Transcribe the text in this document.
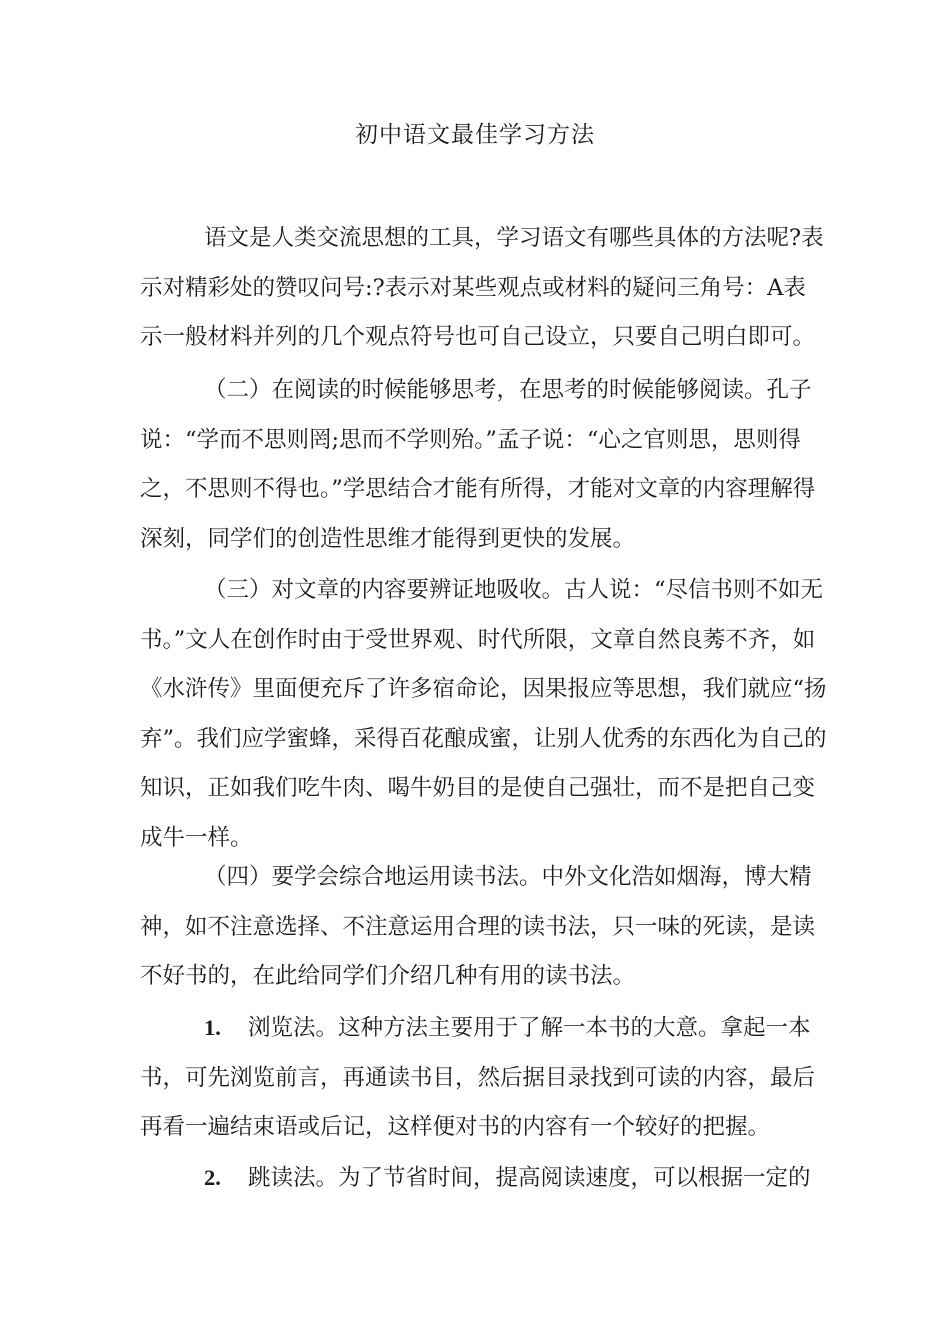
初中语文最佳学习方法

语文是人类交流思想的工具，学习语文有哪些具体的方法呢?表
示对精彩处的赞叹问号:?表示对某些观点或材料的疑问三角号：A表
示一般材料并列的几个观点符号也可自己设立，只要自己明白即可。

（二）在阅读的时候能够思考，在思考的时候能够阅读。孔子
说：“学而不思则罔;思而不学则殆。”孟子说：“心之官则思，思则得
之，不思则不得也。”学思结合才能有所得，才能对文章的内容理解得
深刻，同学们的创造性思维才能得到更快的发展。

（三）对文章的内容要辨证地吸收。古人说：“尽信书则不如无
书。”文人在创作时由于受世界观、时代所限，文章自然良莠不齐，如
《水浒传》里面便充斥了许多宿命论，因果报应等思想，我们就应“扬
弃”。我们应学蜜蜂，采得百花酿成蜜，让别人优秀的东西化为自己的
知识，正如我们吃牛肉、喝牛奶目的是使自己强壮，而不是把自己变
成牛一样。

（四）要学会综合地运用读书法。中外文化浩如烟海，博大精
神，如不注意选择、不注意运用合理的读书法，只一味的死读，是读
不好书的，在此给同学们介绍几种有用的读书法。

1. 浏览法。这种方法主要用于了解一本书的大意。拿起一本
书，可先浏览前言，再通读书目，然后据目录找到可读的内容，最后
再看一遍结束语或后记，这样便对书的内容有一个较好的把握。

2. 跳读法。为了节省时间，提高阅读速度，可以根据一定的
